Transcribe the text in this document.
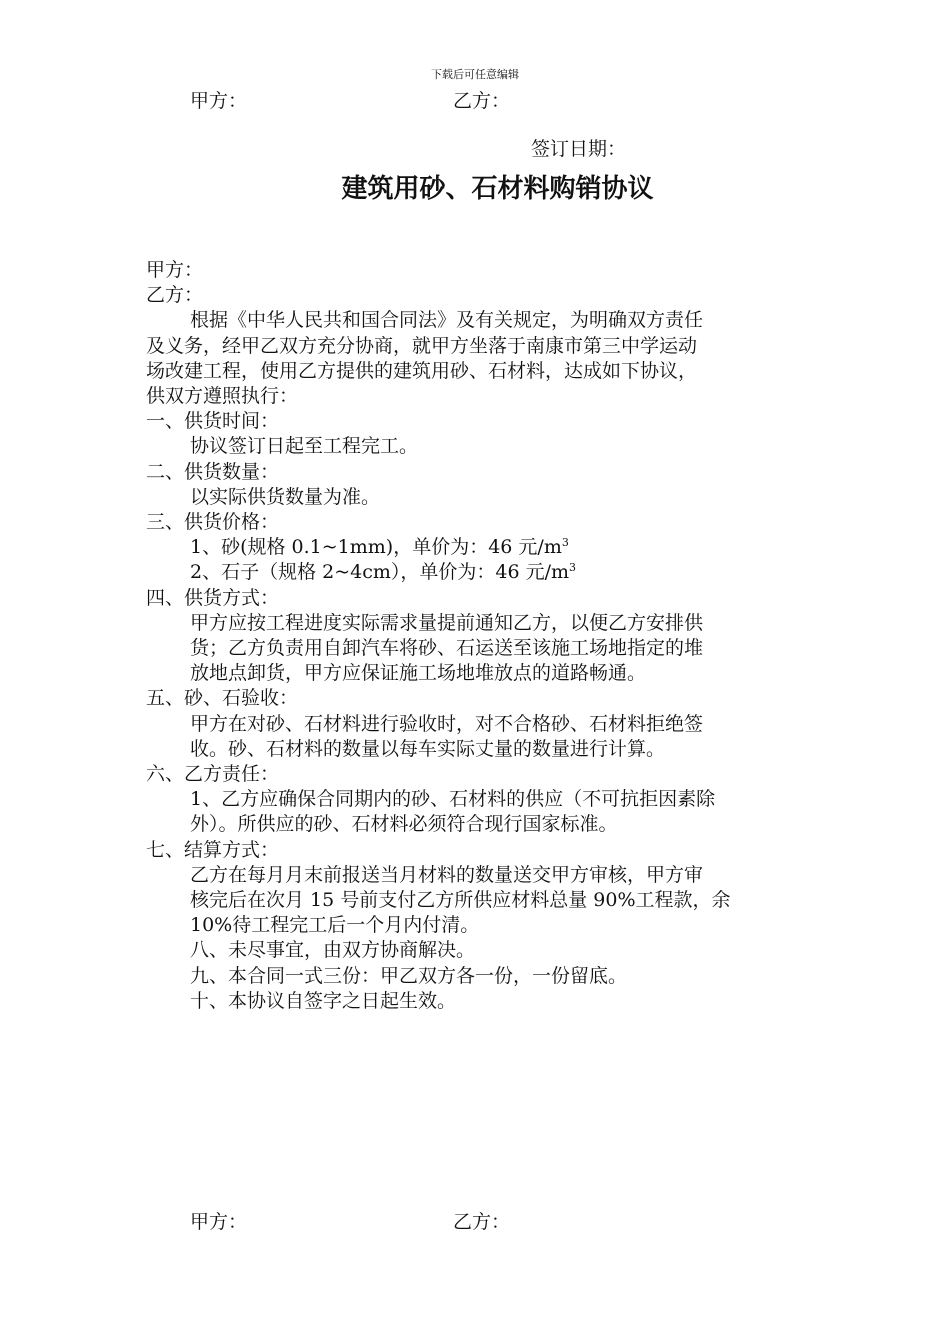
下载后可任意编辑
甲方：	乙方：
签订日期：
建筑用砂、石材料购销协议
甲方：
乙方：
根据《中华人民共和国合同法》及有关规定，为明确双方责任
及义务，经甲乙双方充分协商，就甲方坐落于南康市第三中学运动
场改建工程，使用乙方提供的建筑用砂、石材料，达成如下协议，
供双方遵照执行：
一、供货时间：
协议签订日起至工程完工。
二、供货数量：
以实际供货数量为准。
三、供货价格：
1、砂(规格 0.1~1mm)，单价为：46 元$/m^3$
2、石子（规格 2~4cm），单价为：46 元$/m^3$
四、供货方式：
甲方应按工程进度实际需求量提前通知乙方，以便乙方安排供
货；乙方负责用自卸汽车将砂、石运送至该施工场地指定的堆
放地点卸货，甲方应保证施工场地堆放点的道路畅通。
五、砂、石验收：
甲方在对砂、石材料进行验收时，对不合格砂、石材料拒绝签
收。砂、石材料的数量以每车实际丈量的数量进行计算。
六、乙方责任：
1、乙方应确保合同期内的砂、石材料的供应（不可抗拒因素除
外）。所供应的砂、石材料必须符合现行国家标准。
七、结算方式：
乙方在每月月末前报送当月材料的数量送交甲方审核，甲方审
核完后在次月 15 号前支付乙方所供应材料总量 90%工程款，余
10%待工程完工后一个月内付清。
八、未尽事宜，由双方协商解决。
九、本合同一式三份：甲乙双方各一份，一份留底。
十、本协议自签字之日起生效。
甲方：	乙方：
